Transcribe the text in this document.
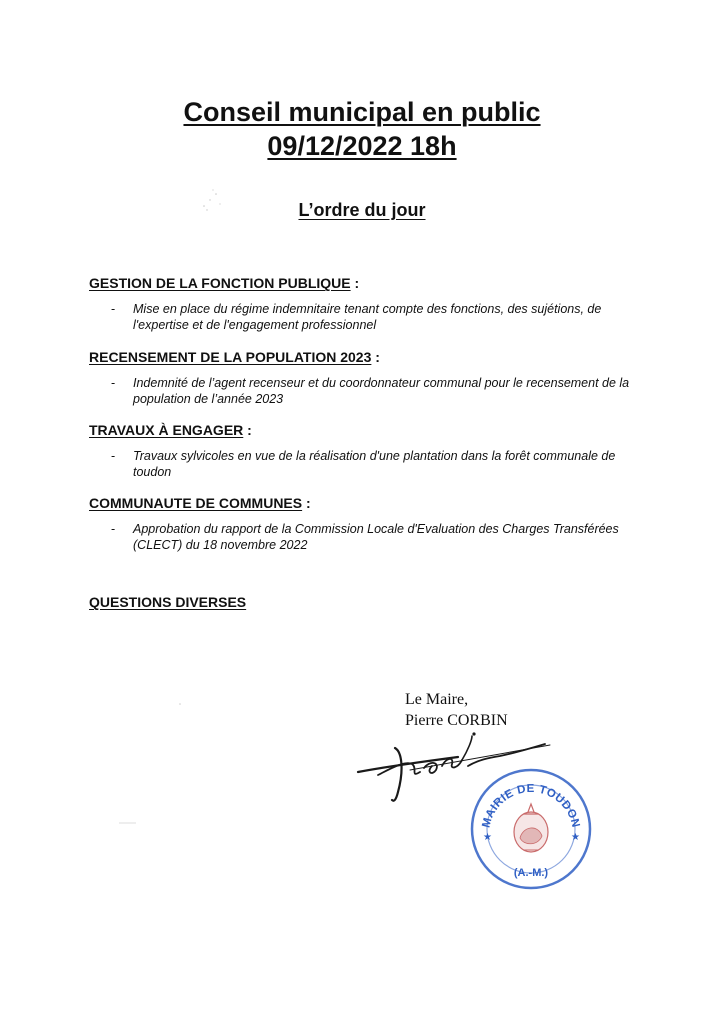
Conseil municipal en public
09/12/2022 18h
L’ordre du jour
GESTION DE LA FONCTION PUBLIQUE :
- Mise en place du régime indemnitaire tenant compte des fonctions, des sujétions, de l'expertise et de l'engagement professionnel
RECENSEMENT DE LA POPULATION 2023 :
- Indemnité de l’agent recenseur et du coordonnateur communal pour le recensement de la population de l’année 2023
TRAVAUX À ENGAGER :
- Travaux sylvicoles en vue de la réalisation d'une plantation dans la forêt communale de toudon
COMMUNAUTE DE COMMUNES :
- Approbation du rapport de la Commission Locale d'Evaluation des Charges Transférées (CLECT) du 18 novembre 2022
QUESTIONS DIVERSES
Le Maire,
Pierre CORBIN
MAIRIE DE TOUDON
(A.-M.)
★	★
